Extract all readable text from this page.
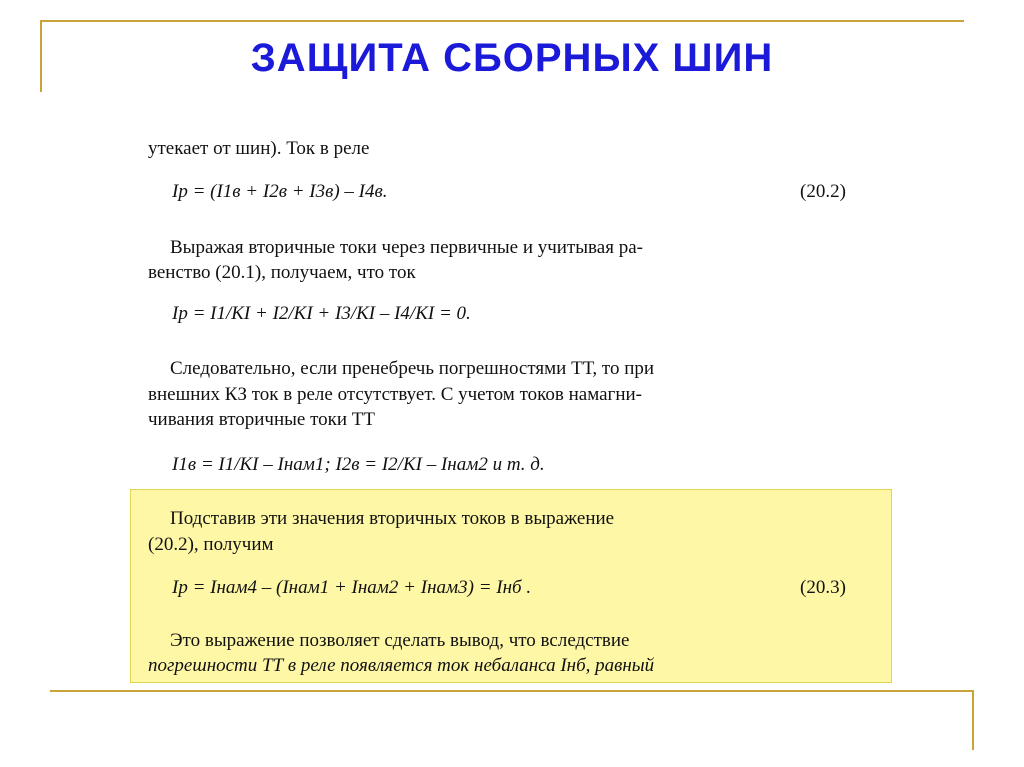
ЗАЩИТА СБОРНЫХ ШИН
утекает от шин). Ток в реле
Iр = (I1в + I2в + I3в) – I4в.	(20.2)
Выражая вторичные токи через первичные и учитывая ра-
венство (20.1), получаем, что ток
Iр = I1/KI + I2/KI + I3/KI – I4/KI = 0.
Следовательно, если пренебречь погрешностями ТТ, то при
внешних КЗ ток в реле отсутствует. С учетом токов намагни-
чивания вторичные токи ТТ
I1в = I1/KI – Iнам1; I2в = I2/KI – Iнам2 и т. д.
Подставив эти значения вторичных токов в выражение
(20.2), получим
Iр = Iнам4 – (Iнам1 + Iнам2 + Iнам3) = Iнб .	(20.3)
Это выражение позволяет сделать вывод, что вследствие
погрешности ТТ в реле появляется ток небаланса Iнб, равный
